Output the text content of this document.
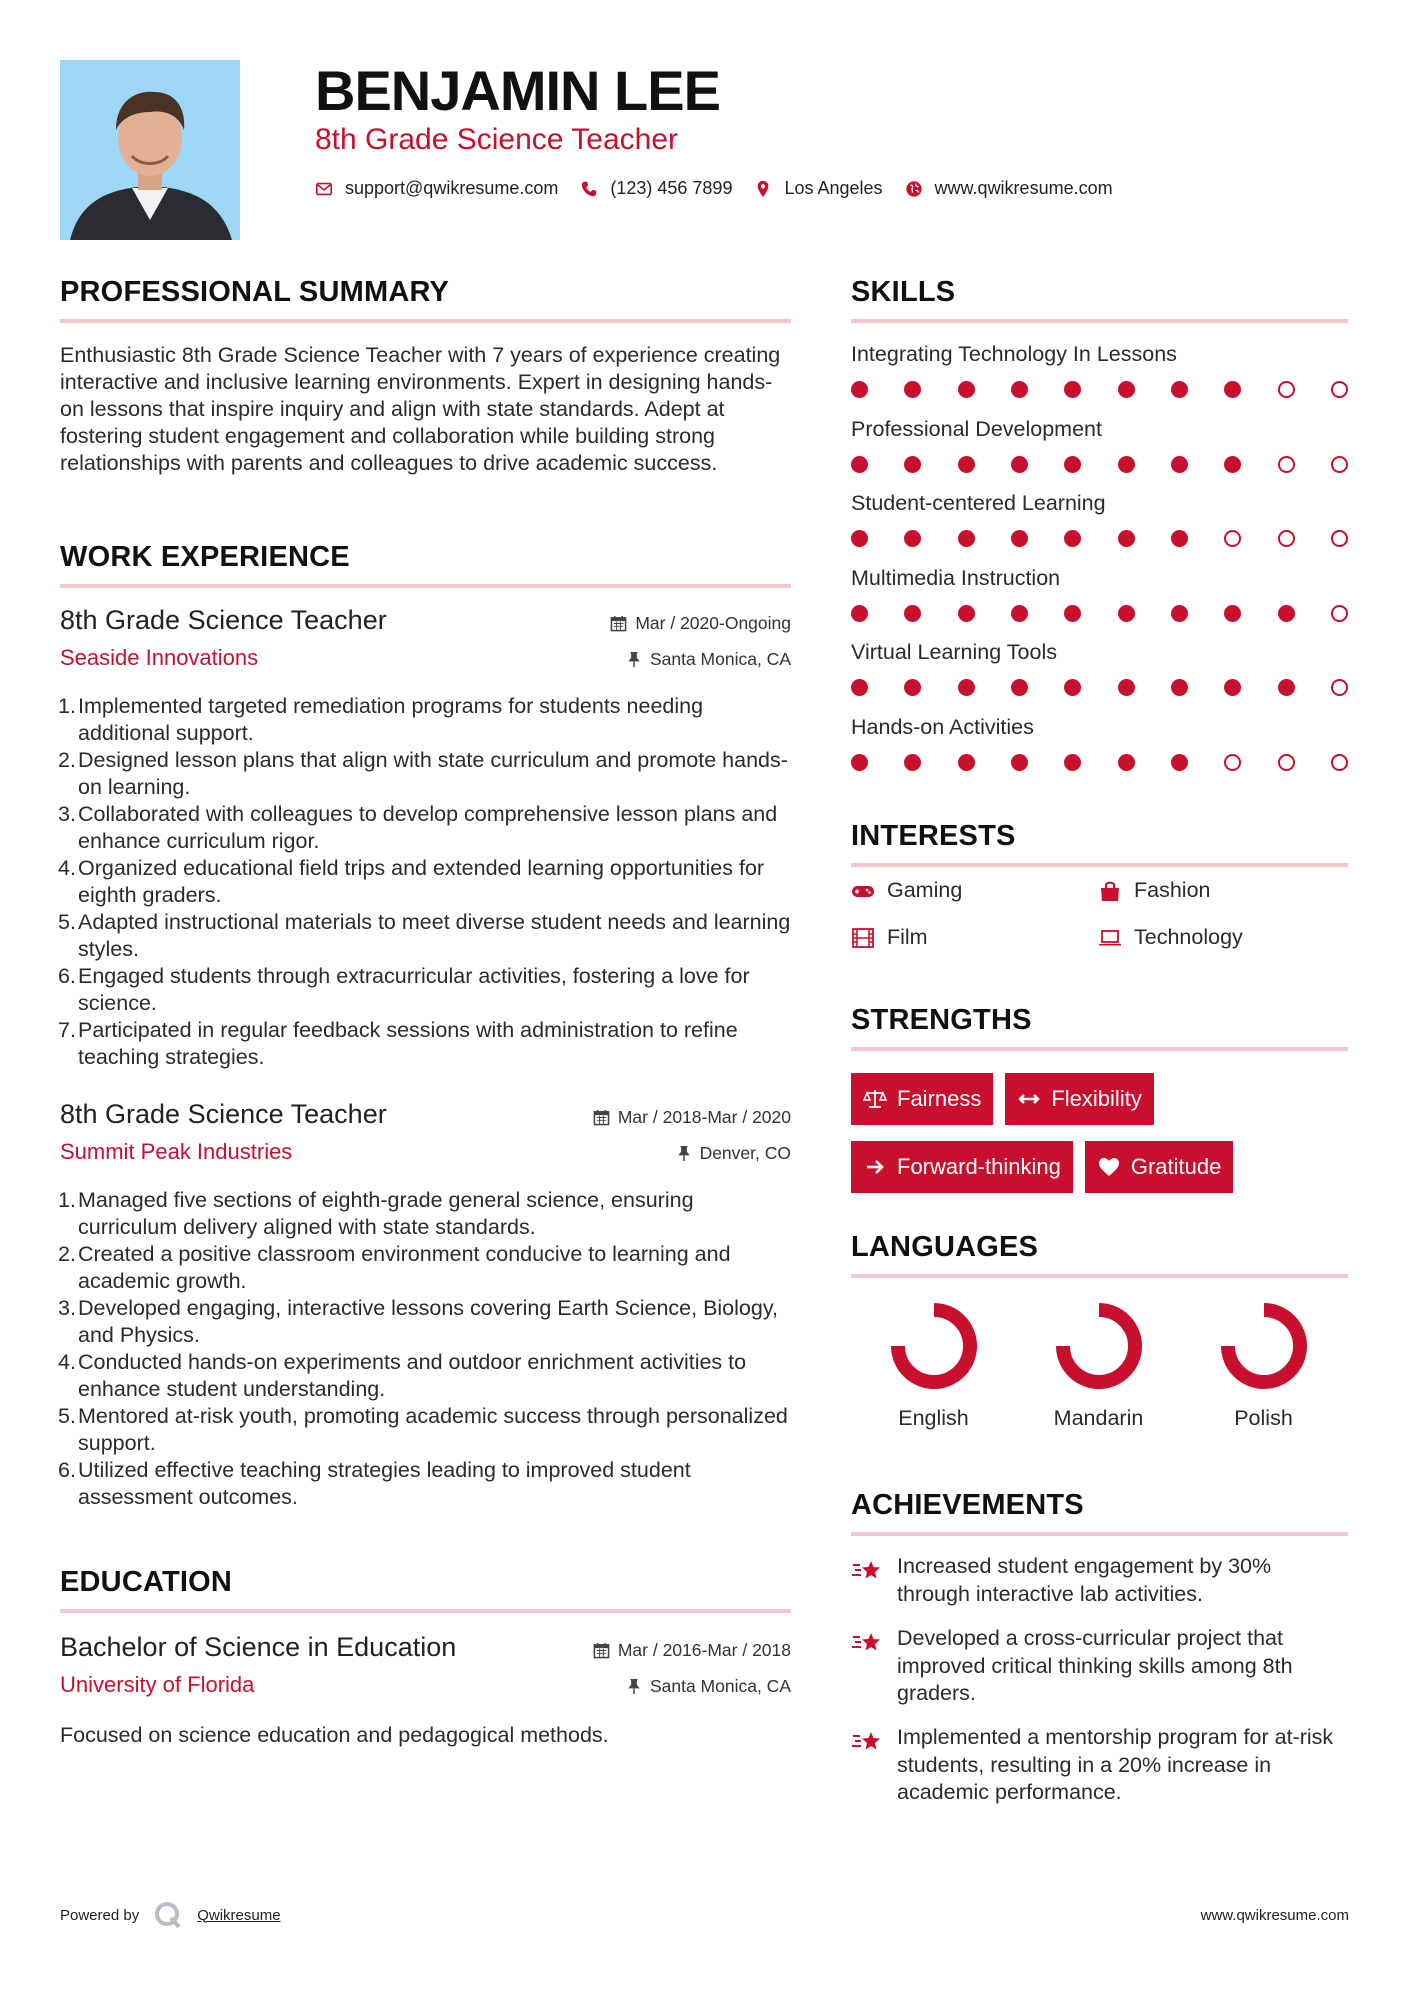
BENJAMIN LEE
8th Grade Science Teacher
support@qwikresume.com	(123) 456 7899	Los Angeles	www.qwikresume.com
PROFESSIONAL SUMMARY
Enthusiastic 8th Grade Science Teacher with 7 years of experience creating interactive and inclusive learning environments. Expert in designing hands-on lessons that inspire inquiry and align with state standards. Adept at fostering student engagement and collaboration while building strong relationships with parents and colleagues to drive academic success.
WORK EXPERIENCE
8th Grade Science Teacher	Mar / 2020-Ongoing
Seaside Innovations	Santa Monica, CA
1. Implemented targeted remediation programs for students needing additional support.
2. Designed lesson plans that align with state curriculum and promote hands-on learning.
3. Collaborated with colleagues to develop comprehensive lesson plans and enhance curriculum rigor.
4. Organized educational field trips and extended learning opportunities for eighth graders.
5. Adapted instructional materials to meet diverse student needs and learning styles.
6. Engaged students through extracurricular activities, fostering a love for science.
7. Participated in regular feedback sessions with administration to refine teaching strategies.
8th Grade Science Teacher	Mar / 2018-Mar / 2020
Summit Peak Industries	Denver, CO
1. Managed five sections of eighth-grade general science, ensuring curriculum delivery aligned with state standards.
2. Created a positive classroom environment conducive to learning and academic growth.
3. Developed engaging, interactive lessons covering Earth Science, Biology, and Physics.
4. Conducted hands-on experiments and outdoor enrichment activities to enhance student understanding.
5. Mentored at-risk youth, promoting academic success through personalized support.
6. Utilized effective teaching strategies leading to improved student assessment outcomes.
EDUCATION
Bachelor of Science in Education	Mar / 2016-Mar / 2018
University of Florida	Santa Monica, CA
Focused on science education and pedagogical methods.
SKILLS
Integrating Technology In Lessons
Professional Development
Student-centered Learning
Multimedia Instruction
Virtual Learning Tools
Hands-on Activities
INTERESTS
Gaming	Fashion
Film	Technology
STRENGTHS
Fairness	Flexibility
Forward-thinking	Gratitude
LANGUAGES
English	Mandarin	Polish
ACHIEVEMENTS
Increased student engagement by 30% through interactive lab activities.
Developed a cross-curricular project that improved critical thinking skills among 8th graders.
Implemented a mentorship program for at-risk students, resulting in a 20% increase in academic performance.
Powered by	Qwikresume	www.qwikresume.com
